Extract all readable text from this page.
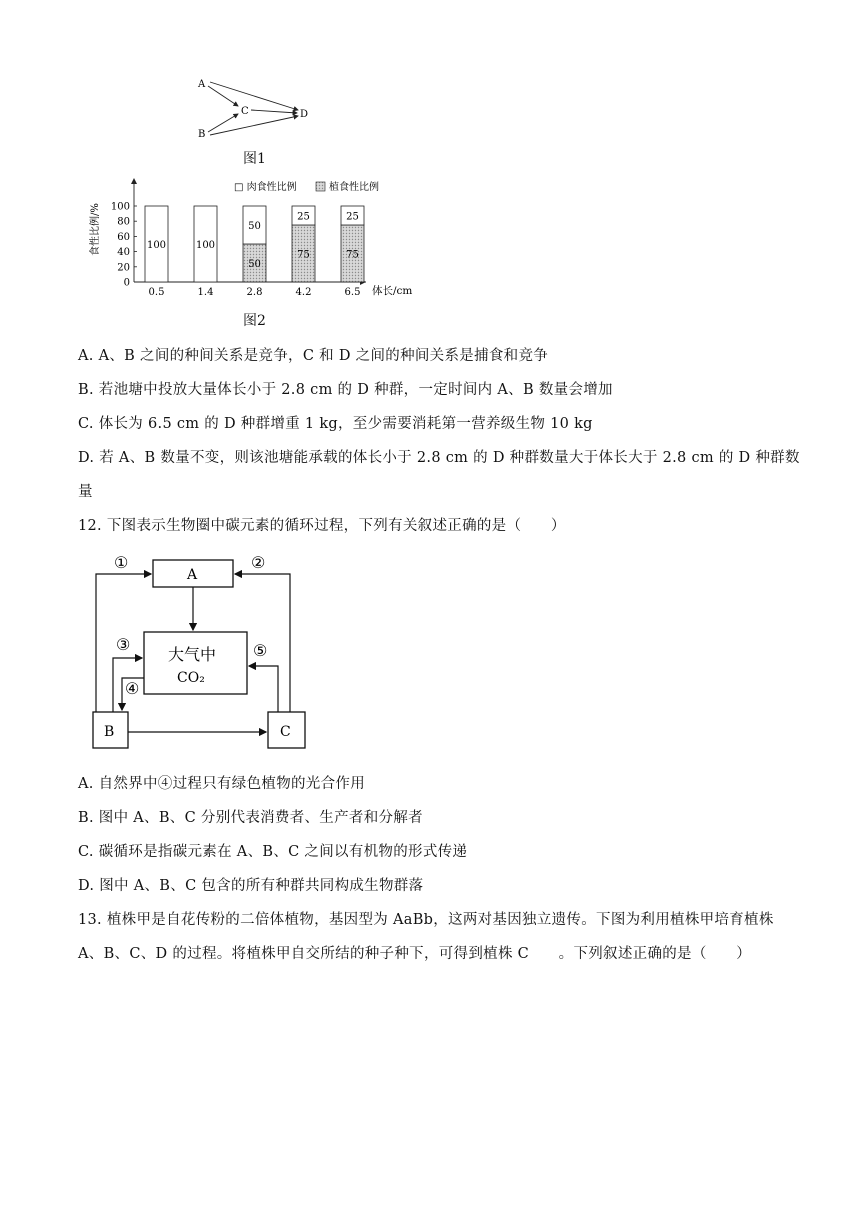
A
B
C	D
图1
食性比例/%
□ 肉食性比例	植食性比例
0
20
40
60
80
100
100
0.5
100
1.4
50
50
2.8
75
25
4.2
75
25
6.5 体长/cm
图2
A. A、B 之间的种间关系是竞争，C 和 D 之间的种间关系是捕食和竞争
B. 若池塘中投放大量体长小于 2.8 cm 的 D 种群，一定时间内 A、B 数量会增加
C. 体长为 6.5 cm 的 D 种群增重 1 kg，至少需要消耗第一营养级生物 10 kg
D. 若 A、B 数量不变，则该池塘能承载的体长小于 2.8 cm 的 D 种群数量大于体长大于 2.8 cm 的 D 种群数
量
12. 下图表示生物圈中碳元素的循环过程，下列有关叙述正确的是（　　）
A
大气中
CO₂
B	C
①	②
③
④
⑤
A. 自然界中④过程只有绿色植物的光合作用
B. 图中 A、B、C 分别代表消费者、生产者和分解者
C. 碳循环是指碳元素在 A、B、C 之间以有机物的形式传递
D. 图中 A、B、C 包含的所有种群共同构成生物群落
13. 植株甲是自花传粉的二倍体植物，基因型为 AaBb，这两对基因独立遗传。下图为利用植株甲培育植株
A、B、C、D 的过程。将植株甲自交所结的种子种下，可得到植株 C　　。下列叙述正确的是（　　）
